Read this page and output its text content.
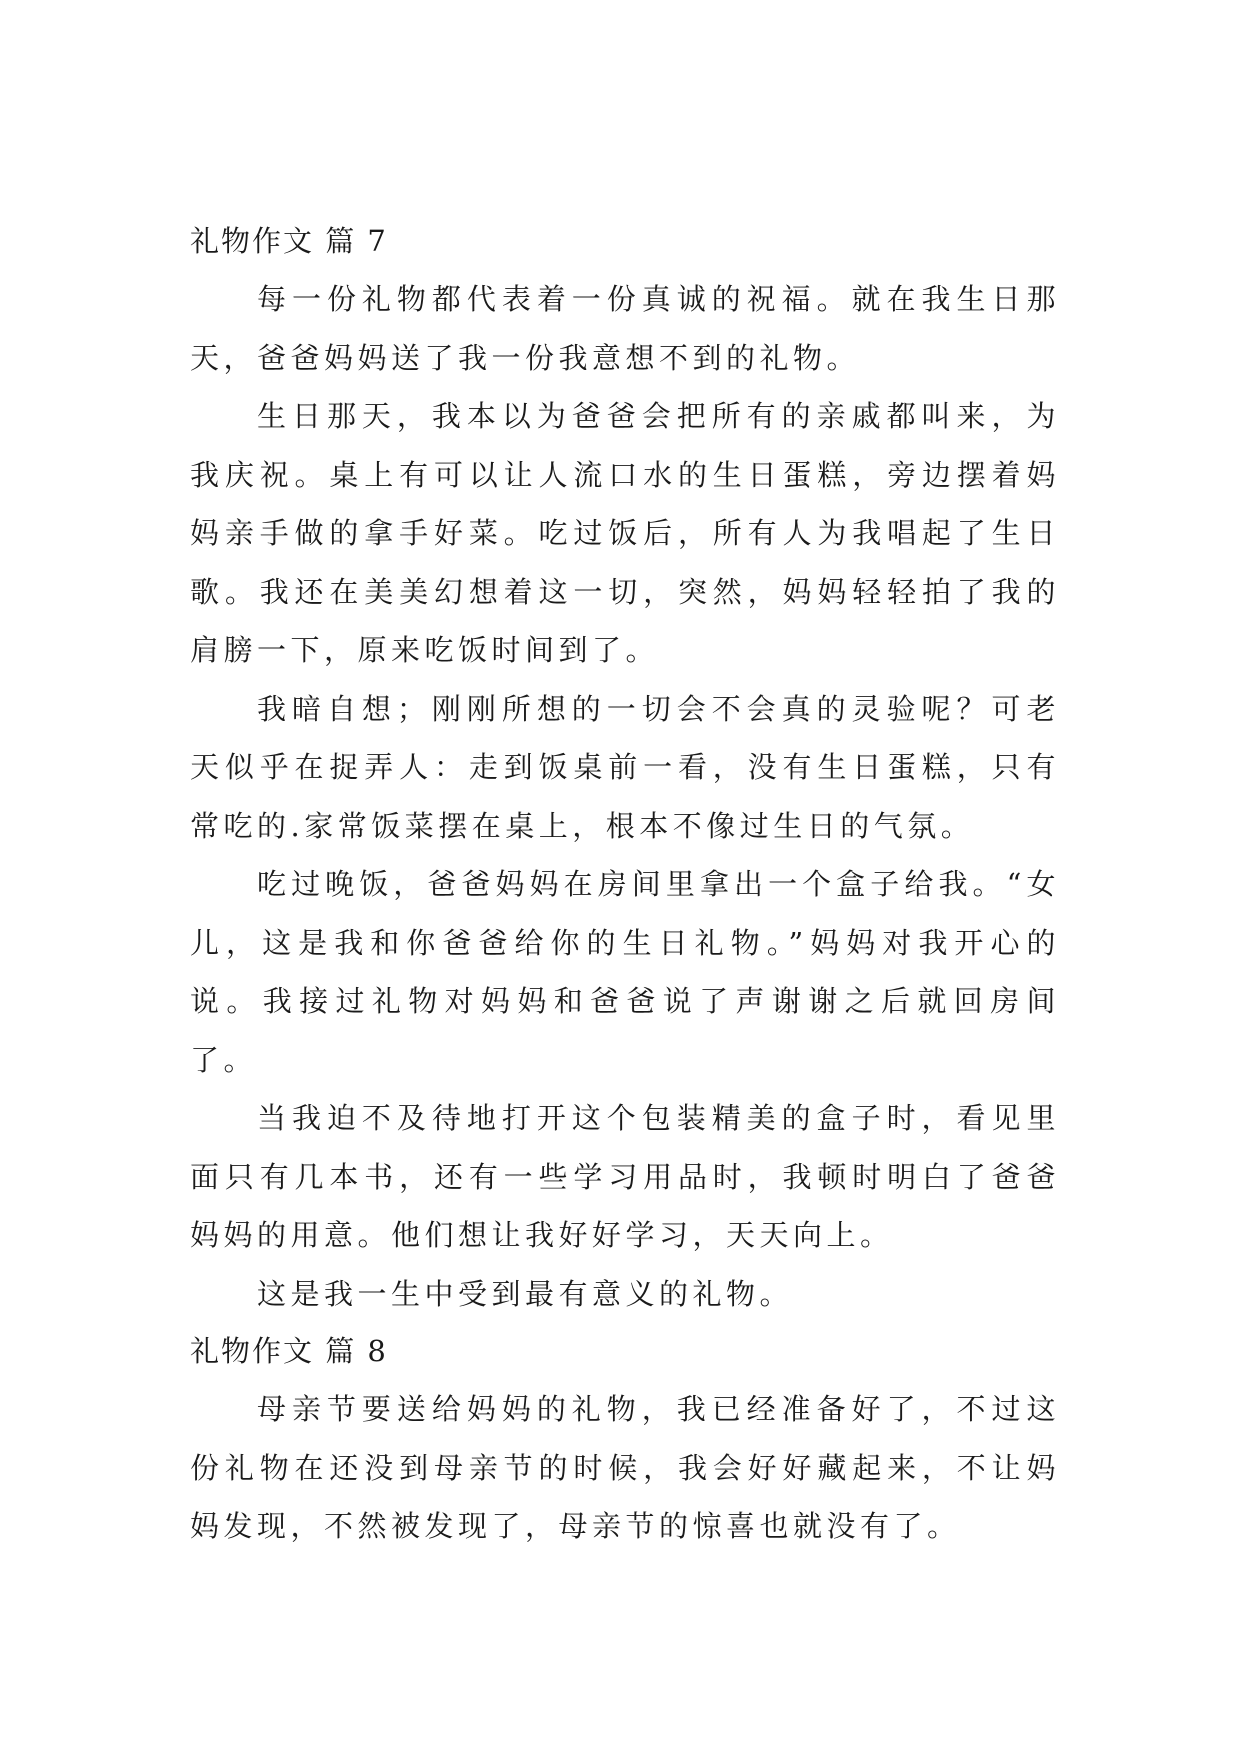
礼物作文 篇 7

每一份礼物都代表着一份真诚的祝福。就在我生日那天，爸爸妈妈送了我一份我意想不到的礼物。

生日那天，我本以为爸爸会把所有的亲戚都叫来，为我庆祝。桌上有可以让人流口水的生日蛋糕，旁边摆着妈妈亲手做的拿手好菜。吃过饭后，所有人为我唱起了生日歌。我还在美美幻想着这一切，突然，妈妈轻轻拍了我的肩膀一下，原来吃饭时间到了。

我暗自想；刚刚所想的一切会不会真的灵验呢？可老天似乎在捉弄人：走到饭桌前一看，没有生日蛋糕，只有常吃的.家常饭菜摆在桌上，根本不像过生日的气氛。

吃过晚饭，爸爸妈妈在房间里拿出一个盒子给我。“女儿，这是我和你爸爸给你的生日礼物。”妈妈对我开心的说。我接过礼物对妈妈和爸爸说了声谢谢之后就回房间了。

当我迫不及待地打开这个包装精美的盒子时，看见里面只有几本书，还有一些学习用品时，我顿时明白了爸爸妈妈的用意。他们想让我好好学习，天天向上。

这是我一生中受到最有意义的礼物。

礼物作文 篇 8

母亲节要送给妈妈的礼物，我已经准备好了，不过这份礼物在还没到母亲节的时候，我会好好藏起来，不让妈妈发现，不然被发现了，母亲节的惊喜也就没有了。
